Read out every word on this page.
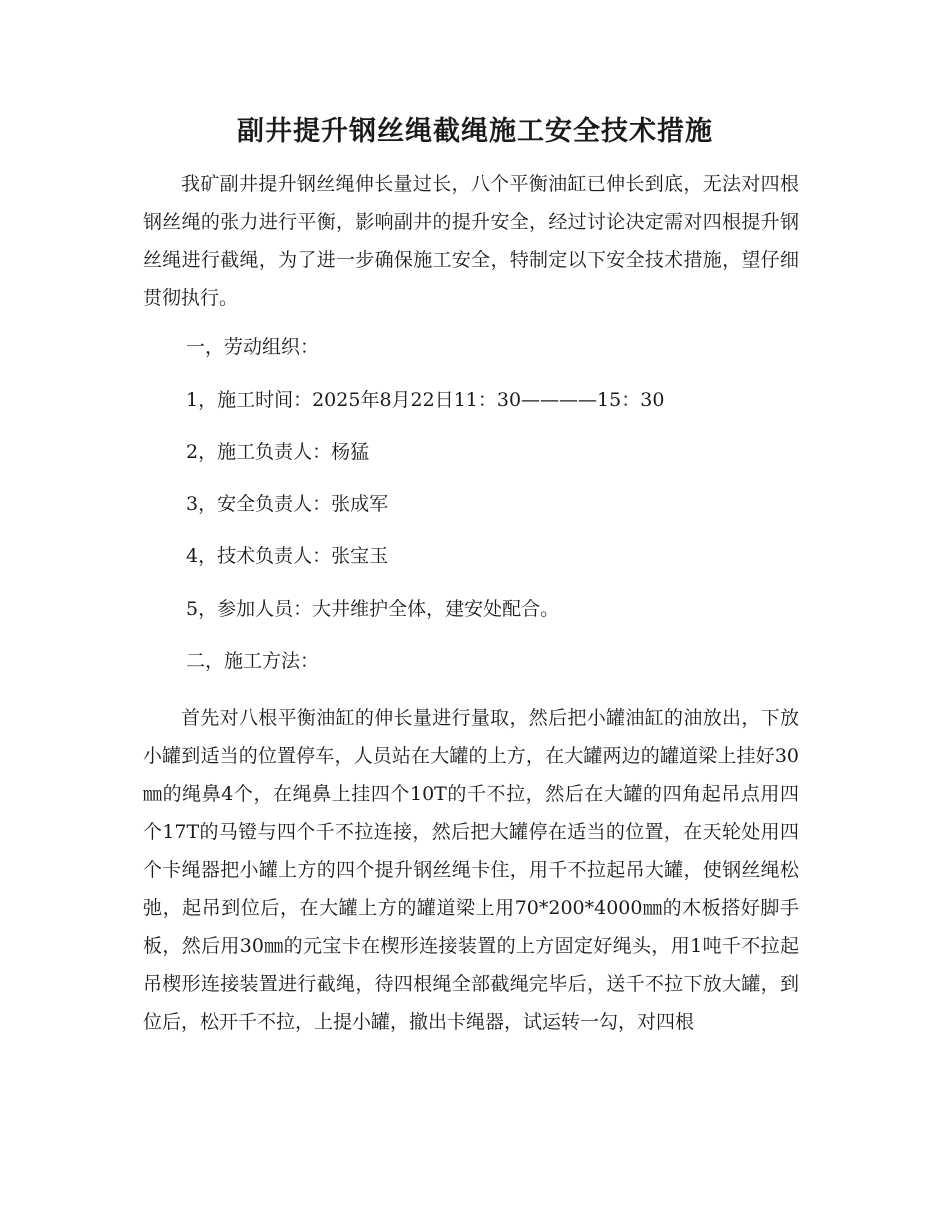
副井提升钢丝绳截绳施工安全技术措施
我矿副井提升钢丝绳伸长量过长，八个平衡油缸已伸长到底，无法对四根钢丝绳的张力进行平衡，影响副井的提升安全，经过讨论决定需对四根提升钢丝绳进行截绳，为了进一步确保施工安全，特制定以下安全技术措施，望仔细贯彻执行。
一，劳动组织：
1，施工时间：2025年8月22日11：30————15：30
2，施工负责人：杨猛
3，安全负责人：张成军
4，技术负责人：张宝玉
5，参加人员：大井维护全体，建安处配合。
二，施工方法：
首先对八根平衡油缸的伸长量进行量取，然后把小罐油缸的油放出，下放小罐到适当的位置停车，人员站在大罐的上方，在大罐两边的罐道梁上挂好30㎜的绳鼻4个，在绳鼻上挂四个10T的千不拉，然后在大罐的四角起吊点用四个17T的马镫与四个千不拉连接，然后把大罐停在适当的位置，在天轮处用四个卡绳器把小罐上方的四个提升钢丝绳卡住，用千不拉起吊大罐，使钢丝绳松弛，起吊到位后，在大罐上方的罐道梁上用70*200*4000㎜的木板搭好脚手板，然后用30㎜的元宝卡在楔形连接装置的上方固定好绳头，用1吨千不拉起吊楔形连接装置进行截绳，待四根绳全部截绳完毕后，送千不拉下放大罐，到位后，松开千不拉，上提小罐，撤出卡绳器，试运转一勾，对四根
